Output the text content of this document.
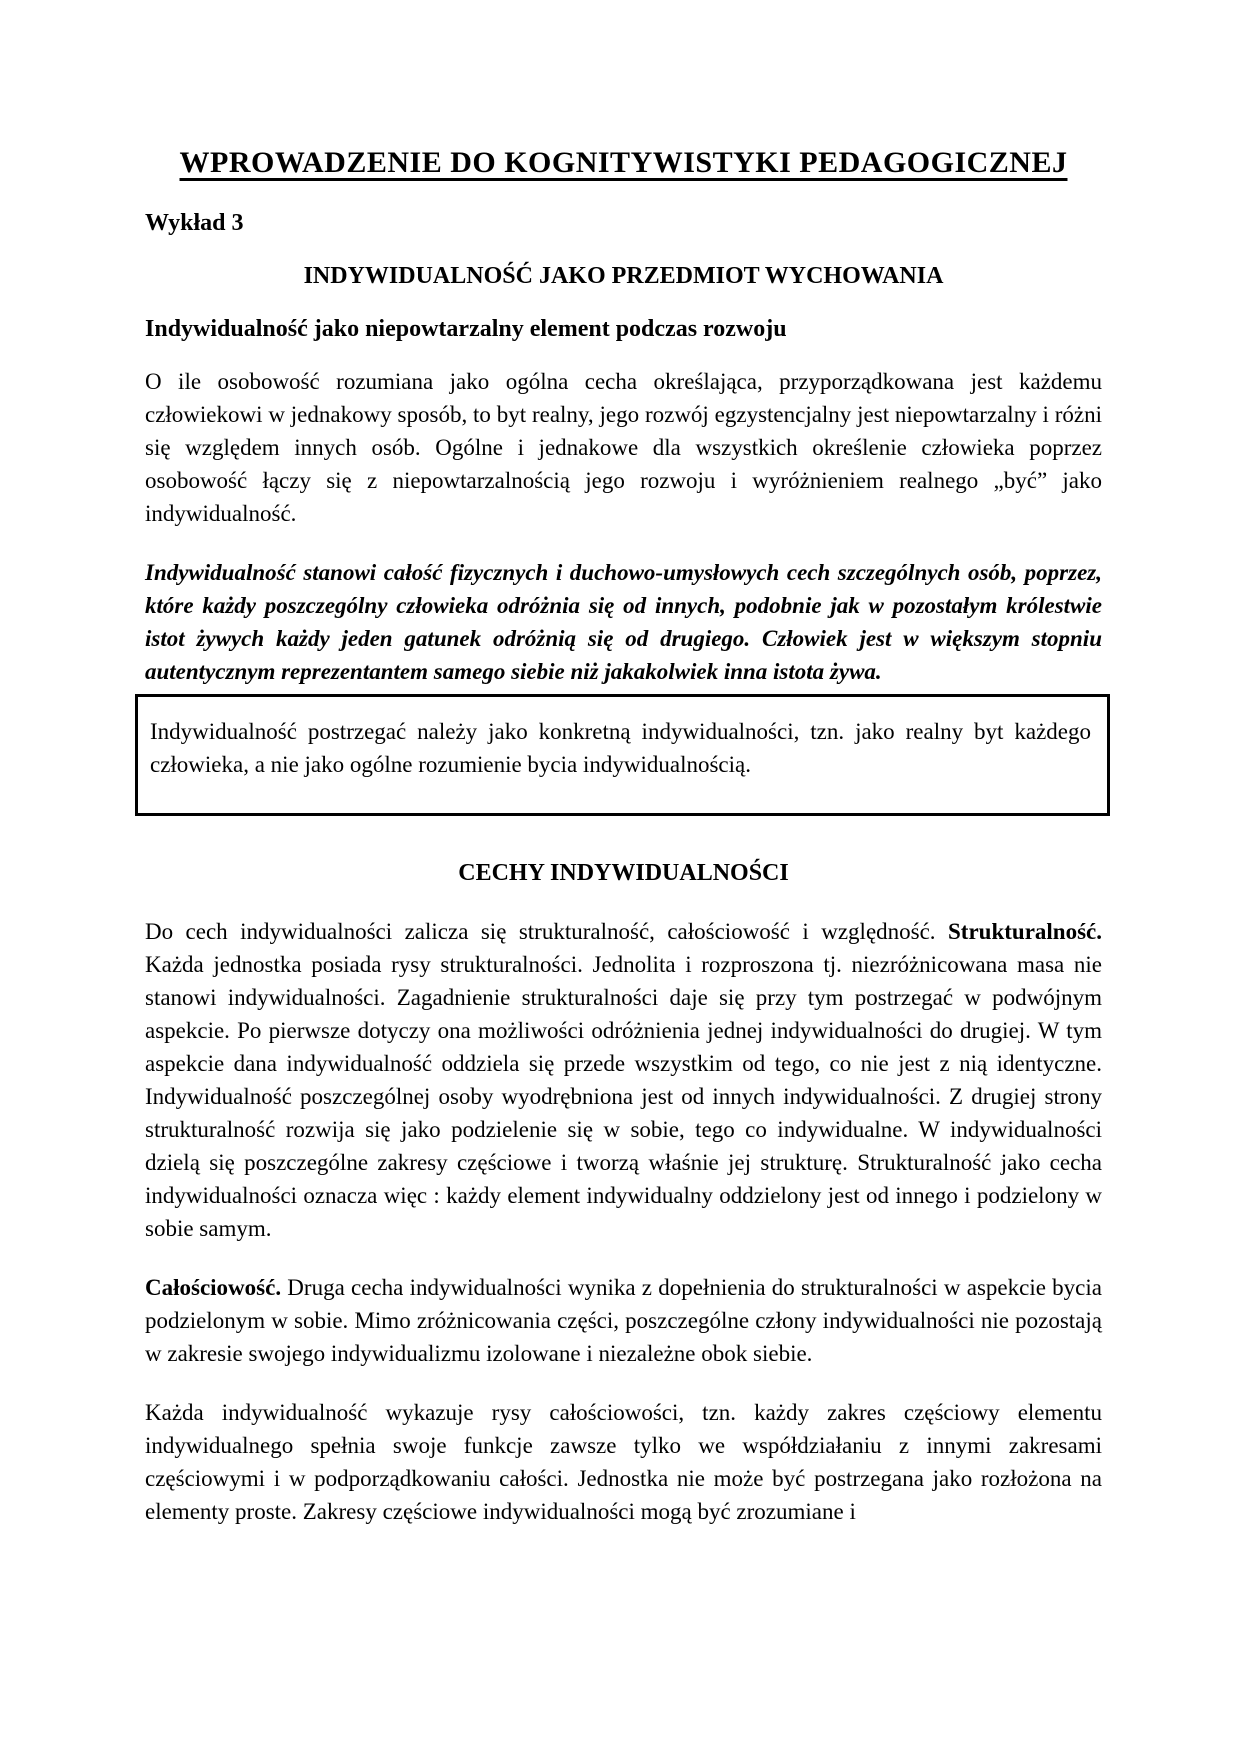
WPROWADZENIE DO KOGNITYWISTYKI PEDAGOGICZNEJ

Wykład 3

INDYWIDUALNOŚĆ JAKO PRZEDMIOT WYCHOWANIA
Indywidualność jako niepowtarzalny element podczas rozwoju

O ile osobowość rozumiana jako ogólna cecha określająca, przyporządkowana jest każdemu człowiekowi w jednakowy sposób, to byt realny, jego rozwój egzystencjalny jest niepowtarzalny i różni się względem innych osób. Ogólne i jednakowe dla wszystkich określenie człowieka poprzez osobowość łączy się z niepowtarzalnością jego rozwoju i wyróżnieniem realnego „być” jako indywidualność.

Indywidualność stanowi całość fizycznych i duchowo-umysłowych cech szczególnych osób, poprzez, które każdy poszczególny człowieka odróżnia się od innych, podobnie jak w pozostałym królestwie istot żywych każdy jeden gatunek odróżnią się od drugiego. Człowiek jest w większym stopniu autentycznym reprezentantem samego siebie niż jakakolwiek inna istota żywa.

Indywidualność postrzegać należy jako konkretną indywidualności, tzn. jako realny byt każdego człowieka, a nie jako ogólne rozumienie bycia indywidualnością.

CECHY INDYWIDUALNOŚCI

Do cech indywidualności zalicza się strukturalność, całościowość i względność. Strukturalność. Każda jednostka posiada rysy strukturalności. Jednolita i rozproszona tj. niezróżnicowana masa nie stanowi indywidualności. Zagadnienie strukturalności daje się przy tym postrzegać w podwójnym aspekcie. Po pierwsze dotyczy ona możliwości odróżnienia jednej indywidualności do drugiej. W tym aspekcie dana indywidualność oddziela się przede wszystkim od tego, co nie jest z nią identyczne. Indywidualność poszczególnej osoby wyodrębniona jest od innych indywidualności. Z drugiej strony strukturalność rozwija się jako podzielenie się w sobie, tego co indywidualne. W indywidualności dzielą się poszczególne zakresy częściowe i tworzą właśnie jej strukturę. Strukturalność jako cecha indywidualności oznacza więc : każdy element indywidualny oddzielony jest od innego i podzielony w sobie samym.

Całościowość. Druga cecha indywidualności wynika z dopełnienia do strukturalności w aspekcie bycia podzielonym w sobie. Mimo zróżnicowania części, poszczególne człony indywidualności nie pozostają w zakresie swojego indywidualizmu izolowane i niezależne obok siebie.

Każda indywidualność wykazuje rysy całościowości, tzn. każdy zakres częściowy elementu indywidualnego spełnia swoje funkcje zawsze tylko we współdziałaniu z innymi zakresami częściowymi i w podporządkowaniu całości. Jednostka nie może być postrzegana jako rozłożona na elementy proste. Zakresy częściowe indywidualności mogą być zrozumiane i
